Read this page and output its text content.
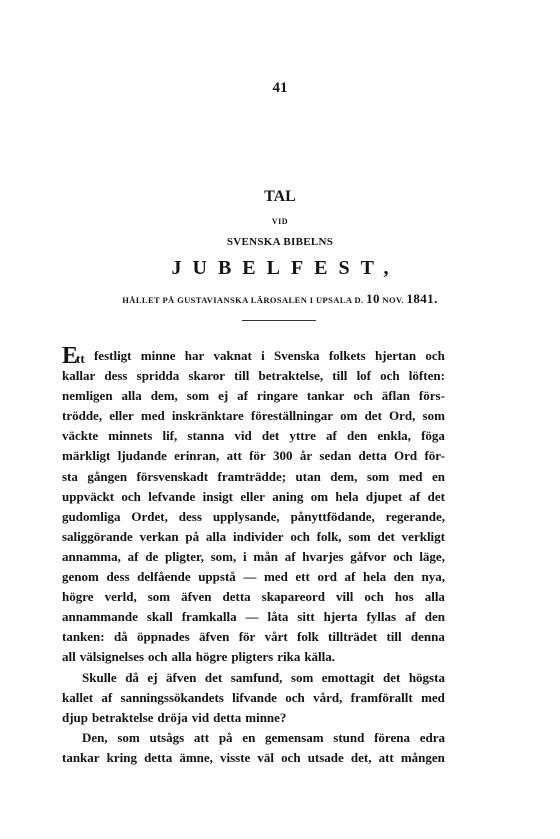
41
TAL
VID
SVENSKA BIBELNS
JUBELFEST,
HÅLLET PÅ GUSTAVIANSKA LÄROSALEN I UPSALA D. 10 NOV. 1841.
Ett festligt minne har vaknat i Svenska folkets hjertan och
kallar dess spridda skaror till betraktelse, till lof och löften:
nemligen alla dem, som ej af ringare tankar och äflan förs-
trödde, eller med inskränktare föreställningar om det Ord, som
väckte minnets lif, stanna vid det yttre af den enkla, föga
märkligt ljudande erinran, att för 300 år sedan detta Ord för-
sta gången försvenskadt framträdde; utan dem, som med en
uppväckt och lefvande insigt eller aning om hela djupet af det
gudomliga Ordet, dess upplysande, pånyttfödande, regerande,
saliggörande verkan på alla individer och folk, som det verkligt
annamma, af de pligter, som, i mån af hvarjes gåfvor och läge,
genom dess delfående uppstå — med ett ord af hela den nya,
högre verld, som äfven detta skapareord vill och hos alla
annammande skall framkalla — låta sitt hjerta fyllas af den
tanken: då öppnades äfven för vårt folk tillträdet till denna
all välsignelses och alla högre pligters rika källa.
Skulle då ej äfven det samfund, som emottagit det högsta
kallet af sanningssökandets lifvande och vård, framförallt med
djup betraktelse dröja vid detta minne?
Den, som utsågs att på en gemensam stund förena edra
tankar kring detta ämne, visste väl och utsade det, att mången
